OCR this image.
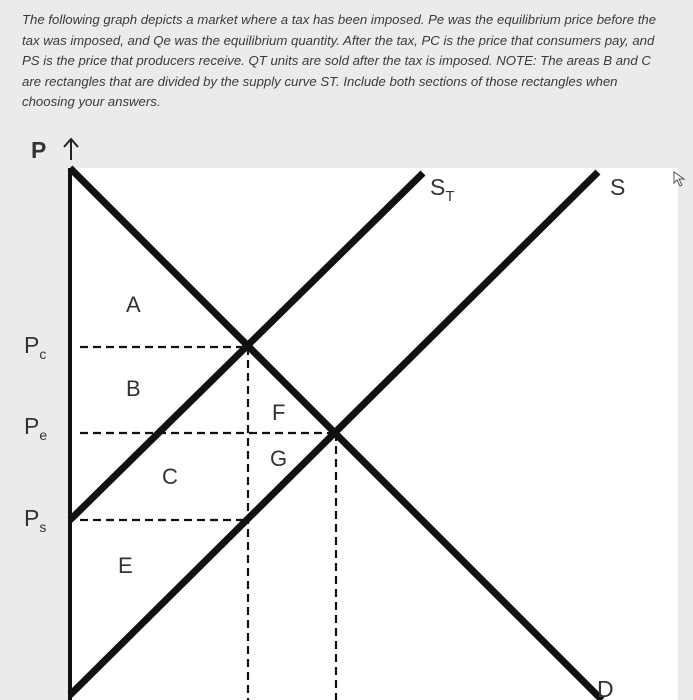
The following graph depicts a market where a tax has been imposed. Pe was the equilibrium price before the tax was imposed, and Qe was the equilibrium quantity. After the tax, PC is the price that consumers pay, and PS is the price that producers receive. QT units are sold after the tax is imposed. NOTE: The areas B and C are rectangles that are divided by the supply curve ST. Include both sections of those rectangles when choosing your answers.

P
$P_c$
$P_e$
$P_s$
$S_T$	S
D
A
B
C
E
F
G
